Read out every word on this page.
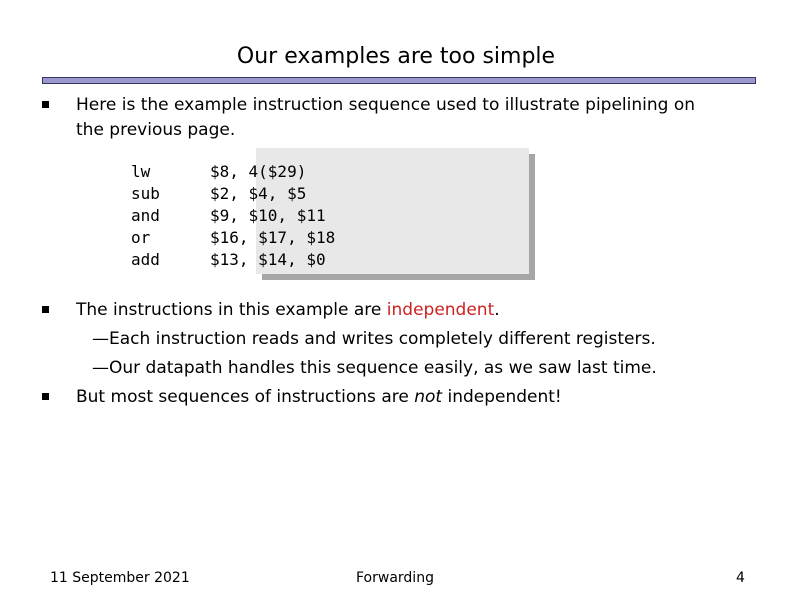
Our examples are too simple
Here is the example instruction sequence used to illustrate pipelining on
the previous page.
lw	$8, 4($29)
sub	$2, $4, $5
and	$9, $10, $11
or	$16, $17, $18
add	$13, $14, $0
The instructions in this example are independent.
— Each instruction reads and writes completely different registers.
— Our datapath handles this sequence easily, as we saw last time.
But most sequences of instructions are not independent!
11 September 2021	Forwarding	4
